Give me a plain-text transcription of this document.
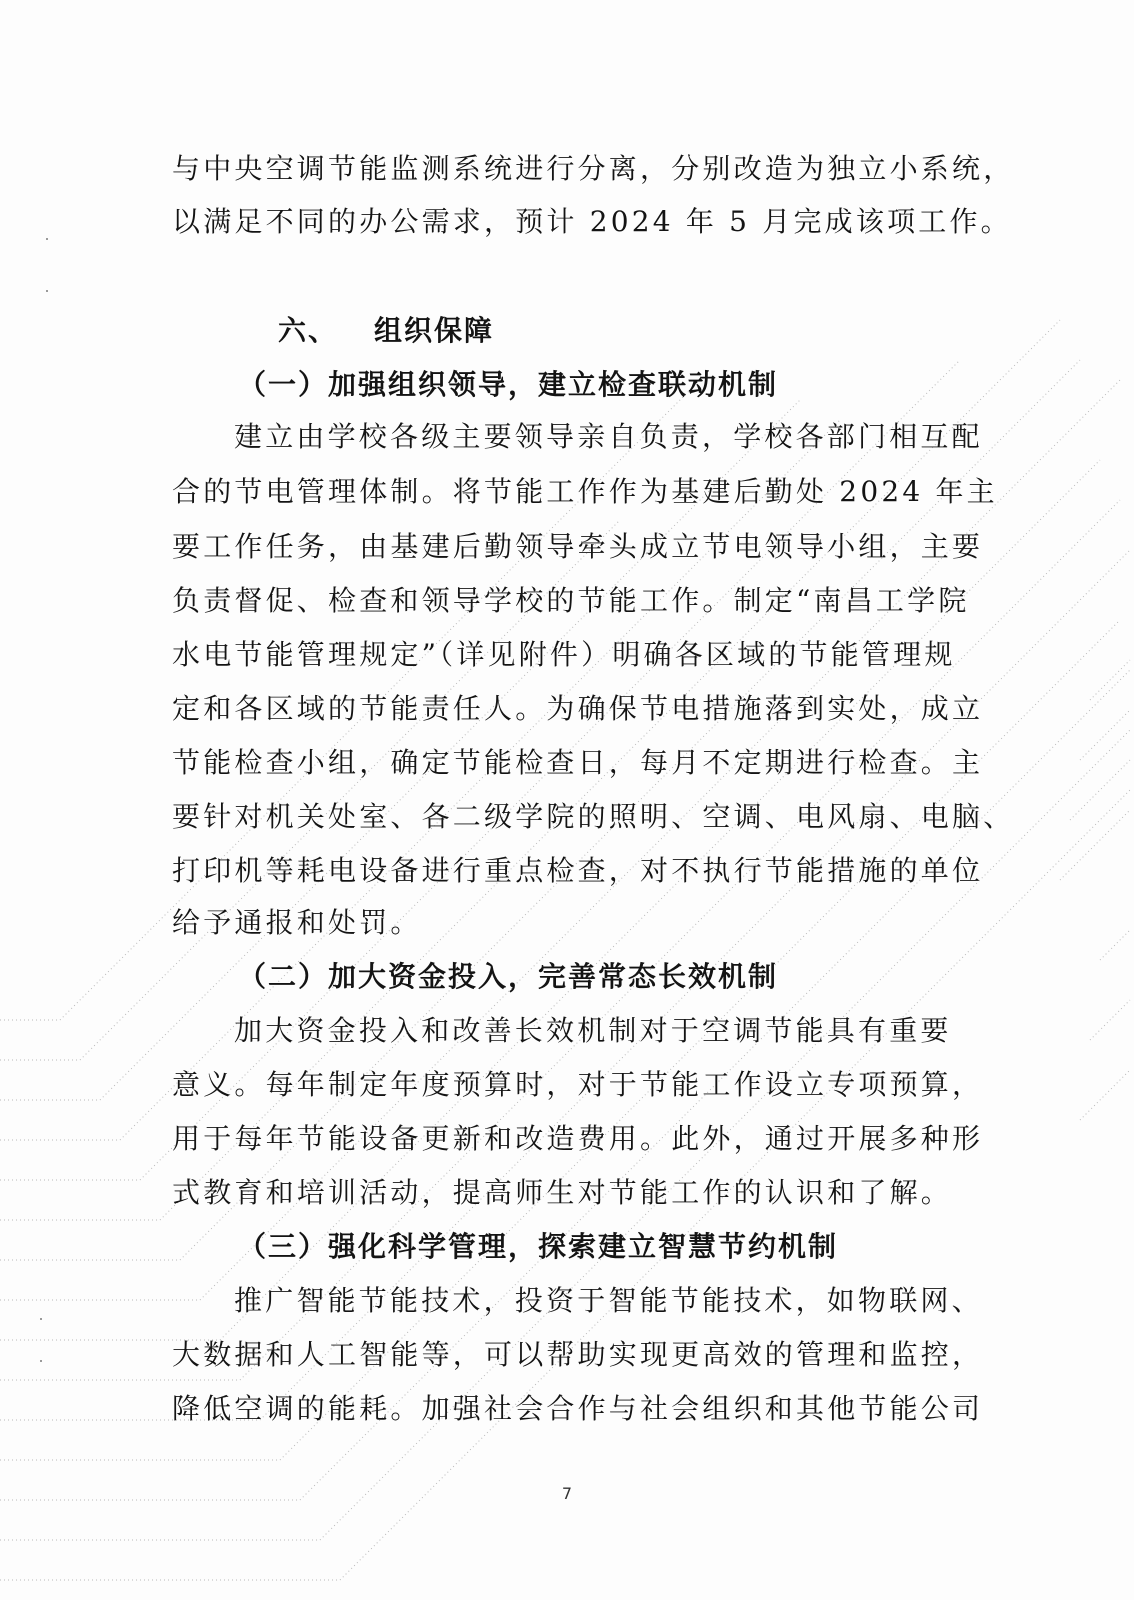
与中央空调节能监测系统进行分离，分别改造为独立小系统，
以满足不同的办公需求，预计 2024 年 5 月完成该项工作。
六、 组织保障
（一）加强组织领导，建立检查联动机制
建立由学校各级主要领导亲自负责，学校各部门相互配
合的节电管理体制。将节能工作作为基建后勤处 2024 年主
要工作任务，由基建后勤领导牵头成立节电领导小组，主要
负责督促、检查和领导学校的节能工作。制定“南昌工学院
水电节能管理规定”（详见附件）明确各区域的节能管理规
定和各区域的节能责任人。为确保节电措施落到实处，成立
节能检查小组，确定节能检查日，每月不定期进行检查。主
要针对机关处室、各二级学院的照明、空调、电风扇、电脑、
打印机等耗电设备进行重点检查，对不执行节能措施的单位
给予通报和处罚。
（二）加大资金投入，完善常态长效机制
加大资金投入和改善长效机制对于空调节能具有重要
意义。每年制定年度预算时，对于节能工作设立专项预算，
用于每年节能设备更新和改造费用。此外，通过开展多种形
式教育和培训活动，提高师生对节能工作的认识和了解。
（三）强化科学管理，探索建立智慧节约机制
推广智能节能技术，投资于智能节能技术，如物联网、
大数据和人工智能等，可以帮助实现更高效的管理和监控，
降低空调的能耗。加强社会合作与社会组织和其他节能公司
7
